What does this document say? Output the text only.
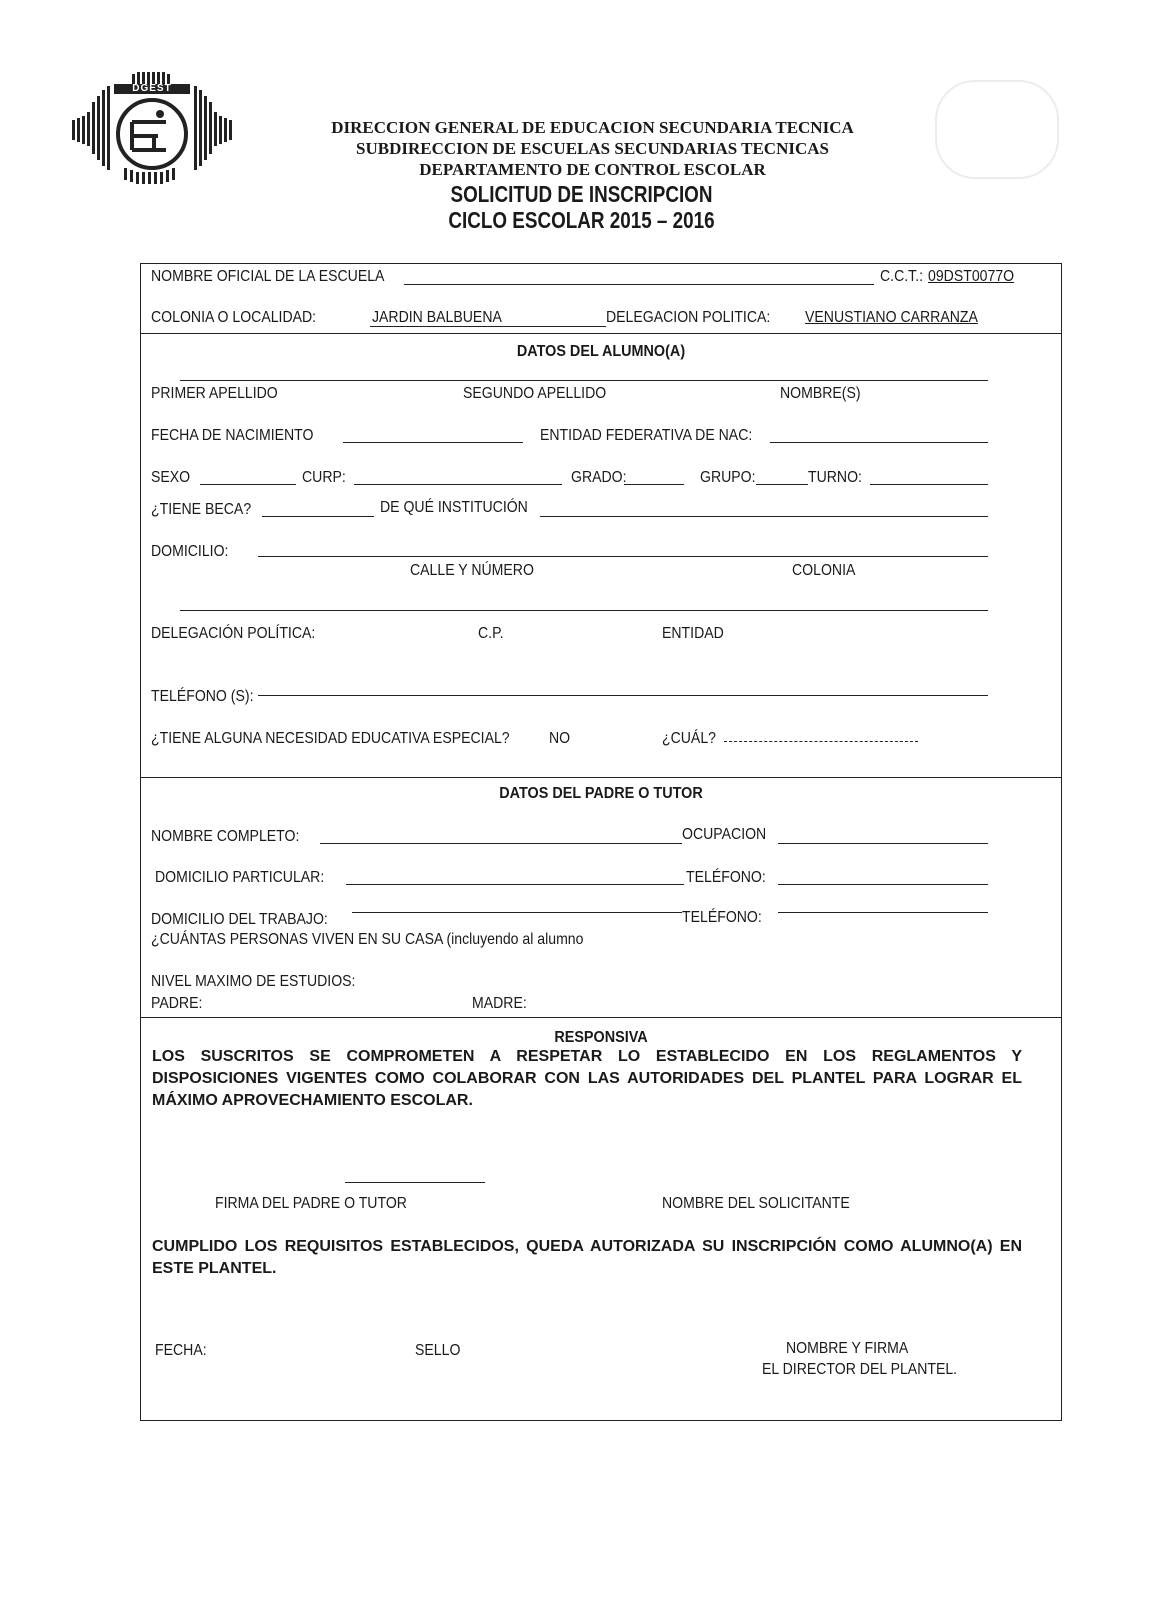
DGEST
DIRECCION GENERAL DE EDUCACION SECUNDARIA TECNICA
SUBDIRECCION DE ESCUELAS SECUNDARIAS TECNICAS
DEPARTAMENTO DE CONTROL ESCOLAR
SOLICITUD DE INSCRIPCION
CICLO ESCOLAR 2015 – 2016
NOMBRE OFICIAL DE LA ESCUELA	C.C.T.: 09DST0077O
COLONIA O LOCALIDAD:	JARDIN BALBUENA	DELEGACION POLITICA: VENUSTIANO CARRANZA
DATOS DEL ALUMNO(A)
PRIMER APELLIDO	SEGUNDO APELLIDO	NOMBRE(S)
FECHA DE NACIMIENTO	ENTIDAD FEDERATIVA DE NAC:
SEXO	CURP:	GRADO:	GRUPO:	TURNO:
¿TIENE BECA?	DE QUÉ INSTITUCIÓN
DOMICILIO:
CALLE Y NÚMERO	COLONIA
DELEGACIÓN POLÍTICA:	C.P.	ENTIDAD
TELÉFONO (S):
¿TIENE ALGUNA NECESIDAD EDUCATIVA ESPECIAL? NO	¿CUÁL?
DATOS DEL PADRE O TUTOR
NOMBRE COMPLETO:	OCUPACION
DOMICILIO PARTICULAR:	TELÉFONO:
DOMICILIO DEL TRABAJO:	TELÉFONO:
¿CUÁNTAS PERSONAS VIVEN EN SU CASA (incluyendo al alumno
NIVEL MAXIMO DE ESTUDIOS:
PADRE:	MADRE:
RESPONSIVA
LOS SUSCRITOS SE COMPROMETEN A RESPETAR LO ESTABLECIDO EN LOS REGLAMENTOS Y DISPOSICIONES VIGENTES COMO COLABORAR CON LAS AUTORIDADES DEL PLANTEL PARA LOGRAR EL MÁXIMO APROVECHAMIENTO ESCOLAR.
FIRMA DEL PADRE O TUTOR	NOMBRE DEL SOLICITANTE
CUMPLIDO LOS REQUISITOS ESTABLECIDOS, QUEDA AUTORIZADA SU INSCRIPCIÓN COMO ALUMNO(A) EN ESTE PLANTEL.
FECHA:	SELLO	NOMBRE Y FIRMA
EL DIRECTOR DEL PLANTEL.
